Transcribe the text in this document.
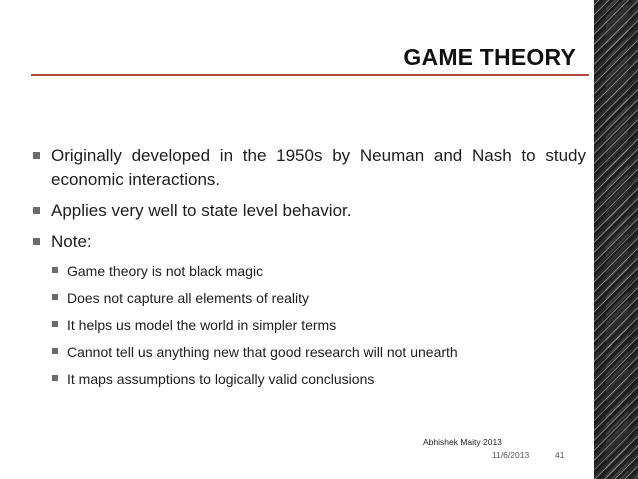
GAME THEORY
Originally developed in the 1950s by Neuman and Nash to study economic interactions.
Applies very well to state level behavior.
Note:
Game theory is not black magic
Does not capture all elements of reality
It helps us model the world in simpler terms
Cannot tell us anything new that good research will not unearth
It maps assumptions to logically valid conclusions
Abhishek Maity 2013
11/6/2013	41
